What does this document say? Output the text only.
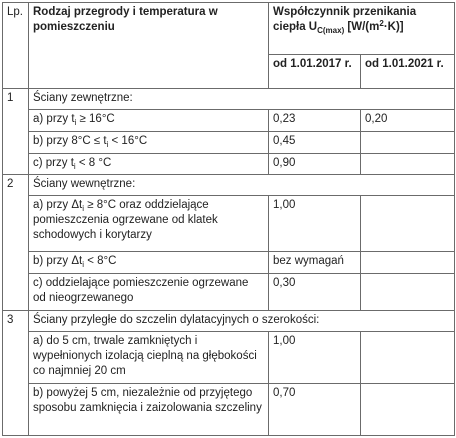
Lp.	Rodzaj przegrody i temperatura w pomieszczeniu	Współczynnik przenikania ciepła $U_{C(max)}$ $[W/(m^2\cdot K)]$	
		od 1.01.2017 r.	od 1.01.2021 r.
1	Ściany zewnętrzne:		
	a) przy $t_i \ge 16^\circ C$	0,23	0,20
	b) przy $8^\circ C \le t_i < 16^\circ C$	0,45	
	c) przy $t_i < 8$ °C	0,90	
2	Ściany wewnętrzne:		
	a) przy $\Delta t_i \ge 8^\circ C$ oraz oddzielające pomieszczenia ogrzewane od klatek schodowych i korytarzy	1,00	
	b) przy $\Delta t_i < 8^\circ C$	bez wymagań	
	c) oddzielające pomieszczenie ogrzewane od nieogrzewanego	0,30	
3	Ściany przyległe do szczelin dylatacyjnych o szerokości:		
	a) do 5 cm, trwale zamkniętych i wypełnionych izolacją cieplną na głębokości co najmniej 20 cm	1,00	
	b) powyżej 5 cm, niezależnie od przyjętego sposobu zamknięcia i zaizolowania szczeliny	0,70	
